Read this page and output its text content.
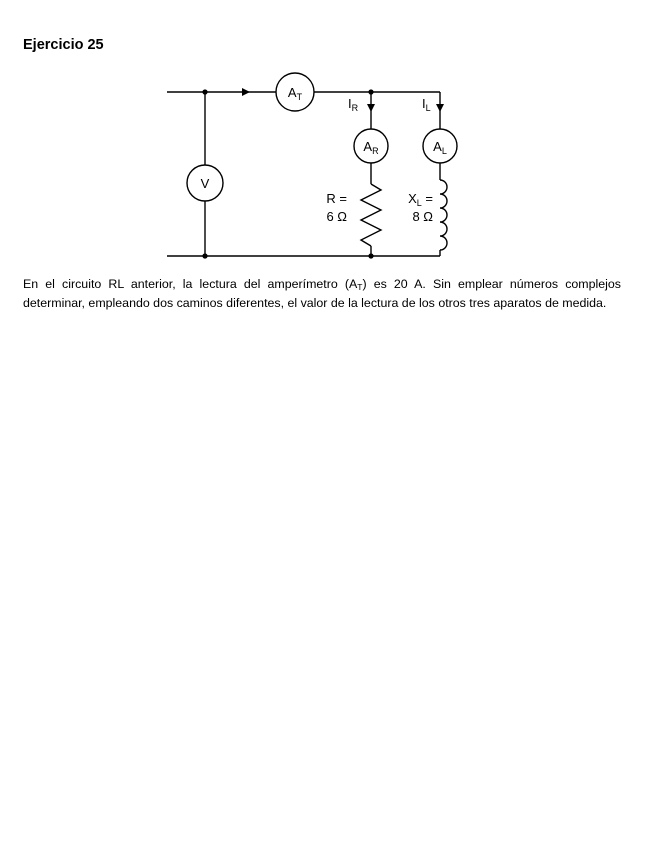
Ejercicio 25
$A_T$
$A_R$	$A_L$
V
$I_R$	$I_L$
R =
6 Ω
$X_L$ =
8 Ω

En el circuito RL anterior, la lectura del amperímetro $(A_T)$ es 20 A. Sin emplear números complejos determinar, empleando dos caminos diferentes, el valor de la lectura de los otros tres aparatos de medida.
